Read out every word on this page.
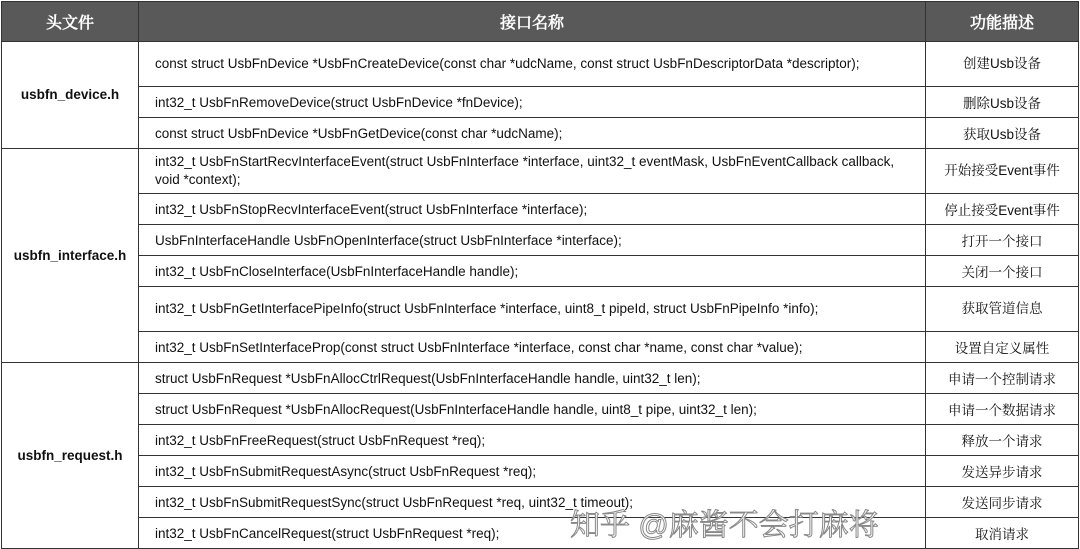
头文件	接口名称	功能描述
usbfn_device.h	const struct UsbFnDevice *UsbFnCreateDevice(const char *udcName, const struct UsbFnDescriptorData *descriptor);	创建Usb设备
	int32_t UsbFnRemoveDevice(struct UsbFnDevice *fnDevice);	删除Usb设备
	const struct UsbFnDevice *UsbFnGetDevice(const char *udcName);	获取Usb设备
usbfn_interface.h	int32_t UsbFnStartRecvInterfaceEvent(struct UsbFnInterface *interface, uint32_t eventMask, UsbFnEventCallback callback, void *context);	开始接受Event事件
	int32_t UsbFnStopRecvInterfaceEvent(struct UsbFnInterface *interface);	停止接受Event事件
	UsbFnInterfaceHandle UsbFnOpenInterface(struct UsbFnInterface *interface);	打开一个接口
	int32_t UsbFnCloseInterface(UsbFnInterfaceHandle handle);	关闭一个接口
	int32_t UsbFnGetInterfacePipeInfo(struct UsbFnInterface *interface, uint8_t pipeId, struct UsbFnPipeInfo *info);	获取管道信息
	int32_t UsbFnSetInterfaceProp(const struct UsbFnInterface *interface, const char *name, const char *value);	设置自定义属性
usbfn_request.h	struct UsbFnRequest *UsbFnAllocCtrlRequest(UsbFnInterfaceHandle handle, uint32_t len);	申请一个控制请求
	struct UsbFnRequest *UsbFnAllocRequest(UsbFnInterfaceHandle handle, uint8_t pipe, uint32_t len);	申请一个数据请求
	int32_t UsbFnFreeRequest(struct UsbFnRequest *req);	释放一个请求
	int32_t UsbFnSubmitRequestAsync(struct UsbFnRequest *req);	发送异步请求
	int32_t UsbFnSubmitRequestSync(struct UsbFnRequest *req, uint32_t timeout);	发送同步请求
	int32_t UsbFnCancelRequest(struct UsbFnRequest *req);	取消请求
知乎 @麻酱不会打麻将
